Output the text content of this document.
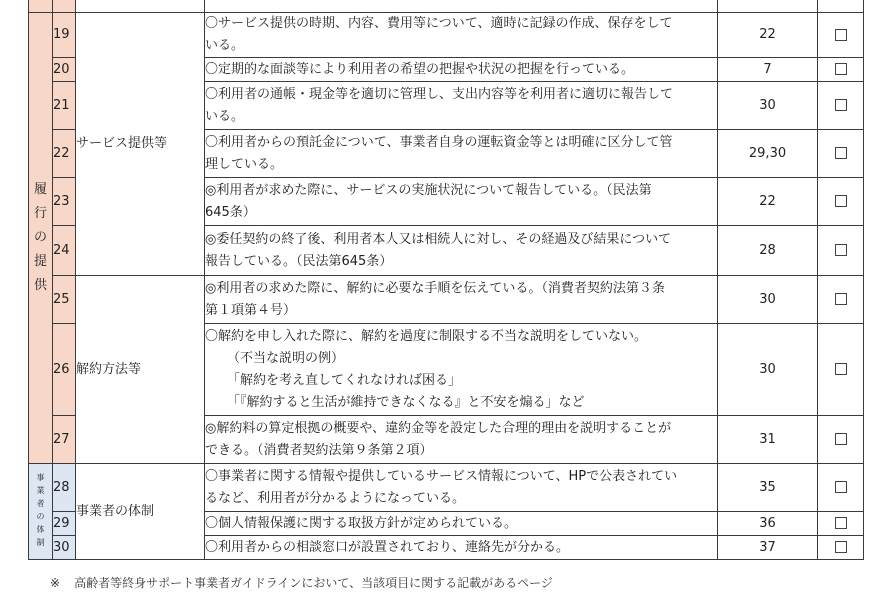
履行の提供	19	サービス提供等	〇サービス提供の時期、内容、費用等について、適時に記録の作成、保存をして
いる。	22	
	20		〇定期的な面談等により利用者の希望の把握や状況の把握を行っている。	7	
	21		〇利用者の通帳・現金等を適切に管理し、支出内容等を利用者に適切に報告して
いる。	30	
	22		〇利用者からの預託金について、事業者自身の運転資金等とは明確に区分して管
理している。	29,30	
	23		◎利用者が求めた際に、サービスの実施状況について報告している。（民法第
645条）	22	
	24		◎委任契約の終了後、利用者本人又は相続人に対し、その経過及び結果について
報告している。（民法第645条）	28	
	25	解約方法等	◎利用者の求めた際に、解約に必要な手順を伝えている。（消費者契約法第３条
第１項第４号）	30	
	26		〇解約を申し入れた際に、解約を過度に制限する不当な説明をしていない。
（不当な説明の例）
「解約を考え直してくれなければ困る」
「『解約すると生活が維持できなくなる』と不安を煽る」など	30	
	27		◎解約料の算定根拠の概要や、違約金等を設定した合理的理由を説明することが
できる。（消費者契約法第９条第２項）	31	
事業者の体制	28	事業者の体制	〇事業者に関する情報や提供しているサービス情報について、HPで公表されてい
るなど、利用者が分かるようになっている。	35	
	29		〇個人情報保護に関する取扱方針が定められている。	36	
	30		〇利用者からの相談窓口が設置されており、連絡先が分かる。	37	
※ 高齢者等終身サポート事業者ガイドラインにおいて、当該項目に関する記載があるページ
